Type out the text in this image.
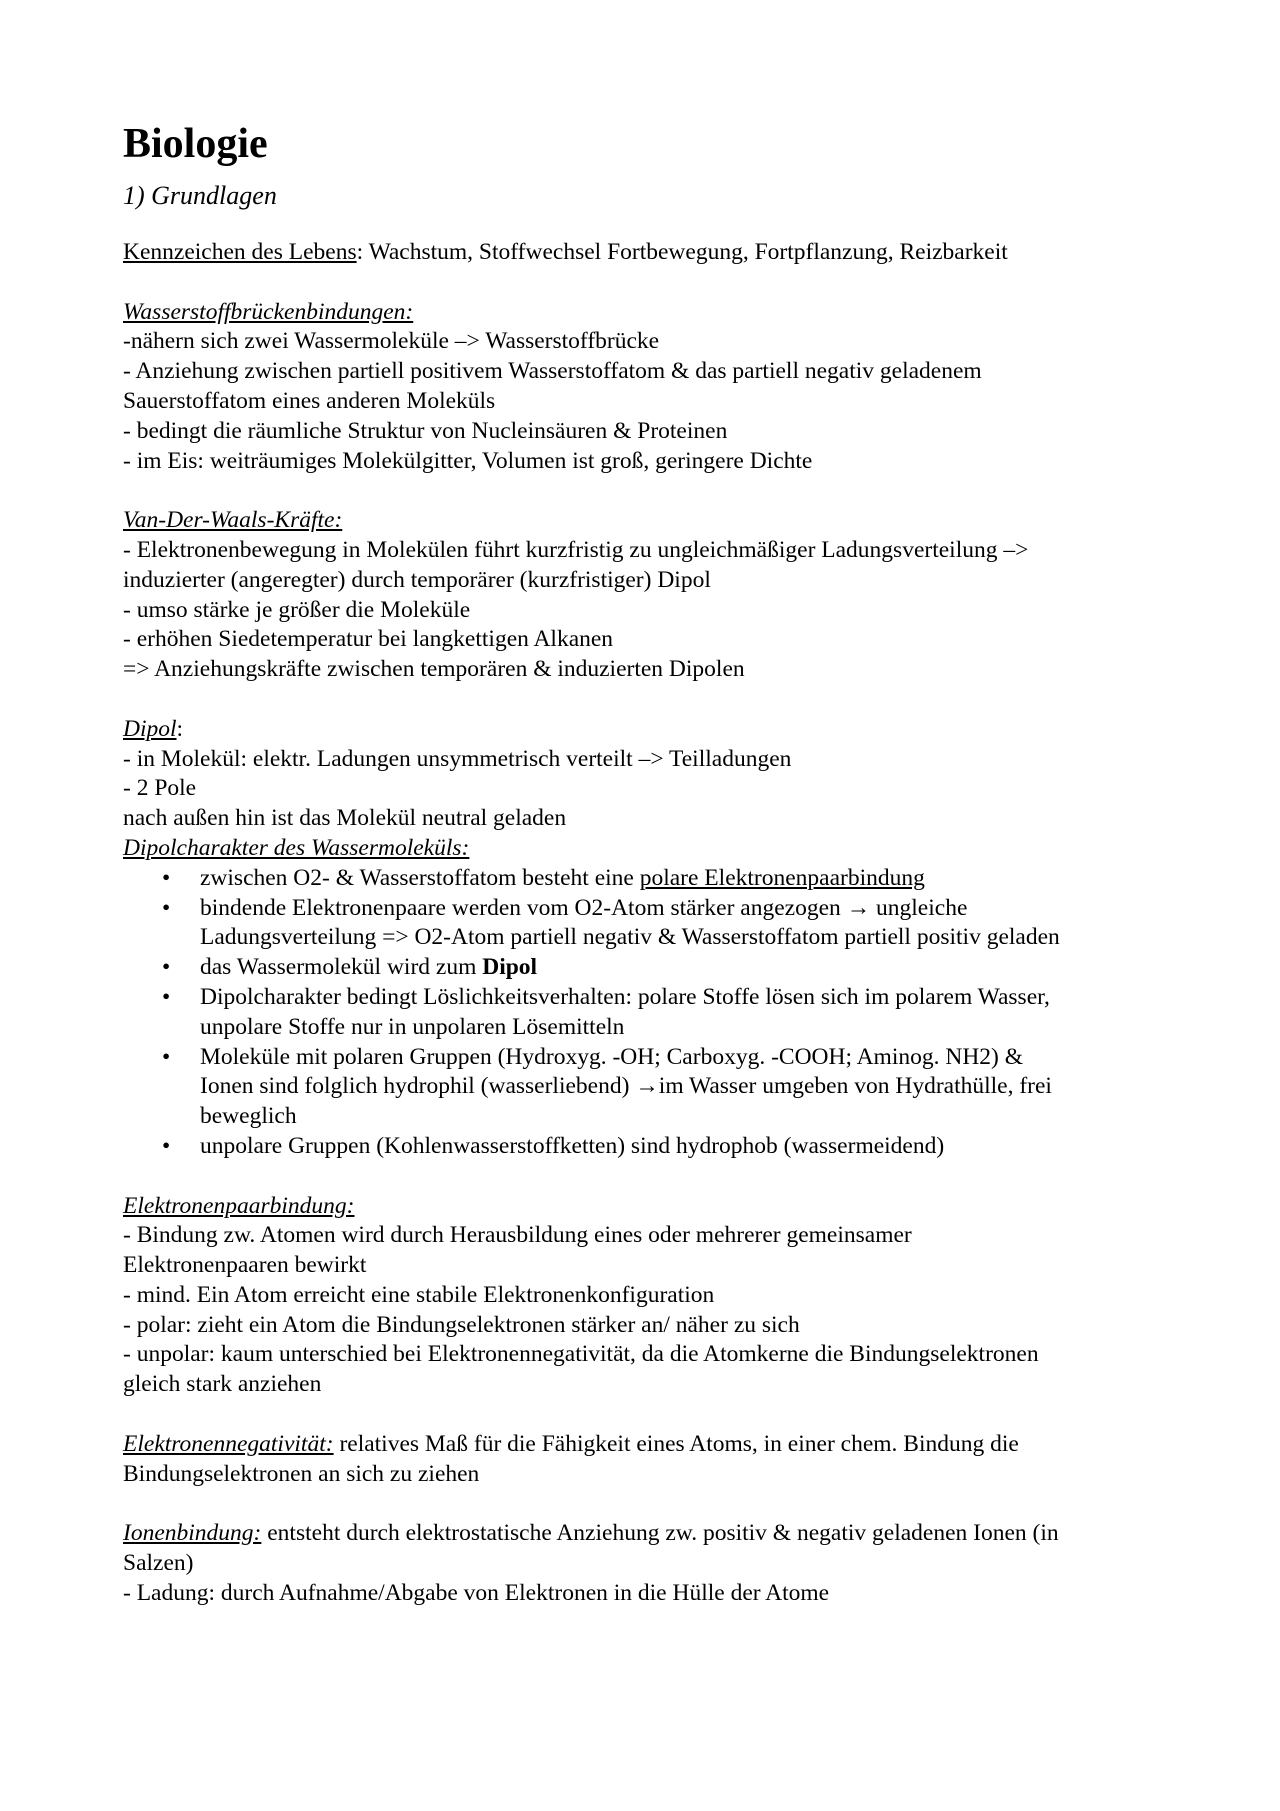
Biologie
1) Grundlagen

Kennzeichen des Lebens: Wachstum, Stoffwechsel Fortbewegung, Fortpflanzung, Reizbarkeit

Wasserstoffbrückenbindungen:

-nähern sich zwei Wassermoleküle –> Wasserstoffbrücke

- Anziehung zwischen partiell positivem Wasserstoffatom & das partiell negativ geladenem

Sauerstoffatom eines anderen Moleküls

- bedingt die räumliche Struktur von Nucleinsäuren & Proteinen

- im Eis: weiträumiges Molekülgitter, Volumen ist groß, geringere Dichte

Van-Der-Waals-Kräfte:

- Elektronenbewegung in Molekülen führt kurzfristig zu ungleichmäßiger Ladungsverteilung –>

induzierter (angeregter) durch temporärer (kurzfristiger) Dipol

- umso stärke je größer die Moleküle

- erhöhen Siedetemperatur bei langkettigen Alkanen

=> Anziehungskräfte zwischen temporären & induzierten Dipolen

Dipol:

- in Molekül: elektr. Ladungen unsymmetrisch verteilt –> Teilladungen

- 2 Pole

nach außen hin ist das Molekül neutral geladen

Dipolcharakter des Wassermoleküls:

• zwischen O2- & Wasserstoffatom besteht eine polare Elektronenpaarbindung
• bindende Elektronenpaare werden vom O2-Atom stärker angezogen → ungleiche
Ladungsverteilung => O2-Atom partiell negativ & Wasserstoffatom partiell positiv geladen
• das Wassermolekül wird zum Dipol
• Dipolcharakter bedingt Löslichkeitsverhalten: polare Stoffe lösen sich im polarem Wasser,
unpolare Stoffe nur in unpolaren Lösemitteln
• Moleküle mit polaren Gruppen (Hydroxyg. -OH; Carboxyg. -COOH; Aminog. NH2) &
Ionen sind folglich hydrophil (wasserliebend) →im Wasser umgeben von Hydrathülle, frei
beweglich
• unpolare Gruppen (Kohlenwasserstoffketten) sind hydrophob (wassermeidend)

Elektronenpaarbindung:

- Bindung zw. Atomen wird durch Herausbildung eines oder mehrerer gemeinsamer

Elektronenpaaren bewirkt

- mind. Ein Atom erreicht eine stabile Elektronenkonfiguration

- polar: zieht ein Atom die Bindungselektronen stärker an/ näher zu sich

- unpolar: kaum unterschied bei Elektronennegativität, da die Atomkerne die Bindungselektronen

gleich stark anziehen

Elektronennegativität: relatives Maß für die Fähigkeit eines Atoms, in einer chem. Bindung die

Bindungselektronen an sich zu ziehen

Ionenbindung: entsteht durch elektrostatische Anziehung zw. positiv & negativ geladenen Ionen (in

Salzen)

- Ladung: durch Aufnahme/Abgabe von Elektronen in die Hülle der Atome
